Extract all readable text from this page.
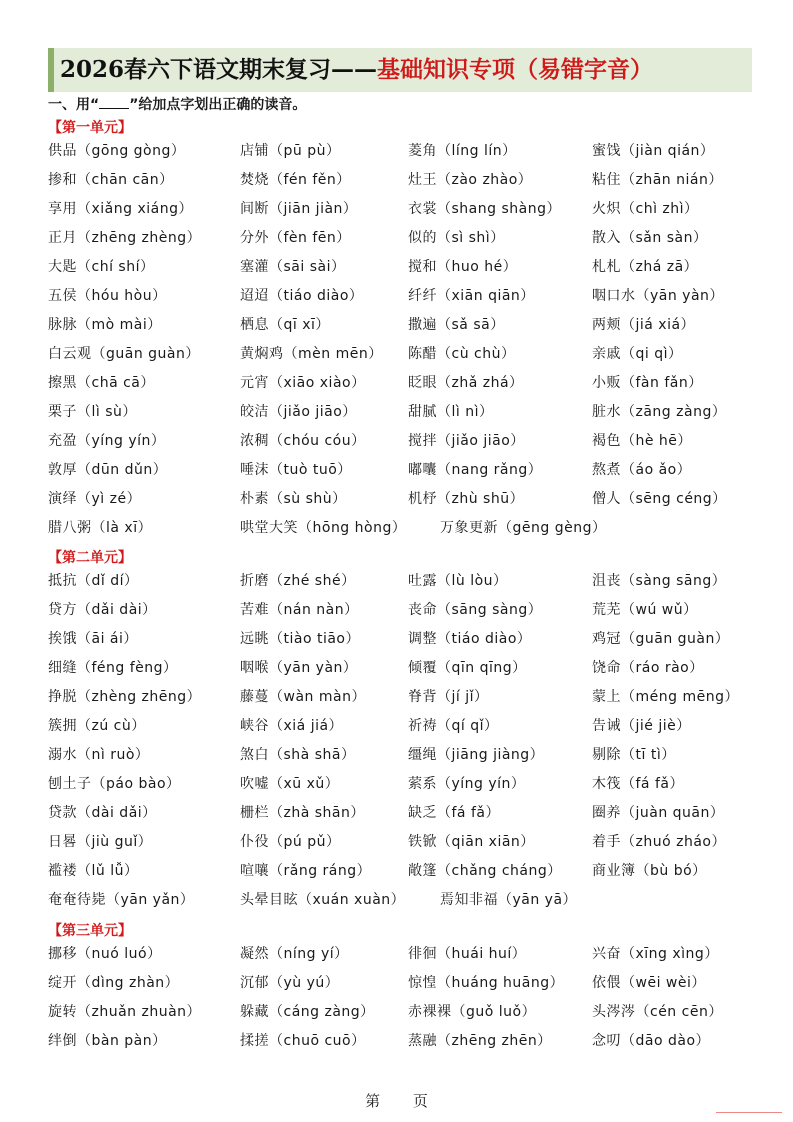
2026春六下语文期末复习——基础知识专项（易错字音）
一、用“ ”给加点字划出正确的读音。
【第一单元】
供品（gōng gòng）	店铺（pū pù）	菱角（líng lín）	蜜饯（jiàn qián）
掺和（chān cān）	焚烧（fén fěn）	灶王（zào zhào）	粘住（zhān nián）
享用（xiǎng xiáng）	间断（jiān jiàn）	衣裳（shang shàng） 火炽（chì zhì）
正月（zhēng zhèng）	分外（fèn fēn）	似的（sì shì）	散入（sǎn sàn）
大匙（chí shí）	塞灌（sāi sài）	搅和（huo hé）	札札（zhá zā）
五侯（hóu hòu）	迢迢（tiáo diào）	纤纤（xiān qiān）	咽口水（yān yàn）
脉脉（mò mài）	栖息（qī xī）	撒遍（sǎ sā）	两颊（jiá xiá）
白云观（guān guàn）	黄焖鸡（mèn mēn） 陈醋（cù chù）	亲戚（qi qì）
擦黑（chā cā）	元宵（xiāo xiào）	眨眼（zhǎ zhá）	小贩（fàn fǎn）
栗子（lì sù）	皎洁（jiǎo jiāo）	甜腻（lì nì）	脏水（zāng zàng）
充盈（yíng yín）	浓稠（chóu cóu）	搅拌（jiǎo jiāo）	褐色（hè hē）
敦厚（dūn dǔn）	唾沫（tuò tuō）	嘟囔（nang rǎng）	熬煮（áo ǎo）
演绎（yì zé）	朴素（sù shù）	机杼（zhù shū）	僧人（sēng céng）
腊八粥（là xī）	哄堂大笑（hōng hòng） 万象更新（gēng gèng）
【第二单元】
抵抗（dǐ dí）	折磨（zhé shé）	吐露（lù lòu）	沮丧（sàng sāng）
贷方（dǎi dài）	苦难（nán nàn）	丧命（sāng sàng）	荒芜（wú wǔ）
挨饿（āi ái）	远眺（tiào tiāo）	调整（tiáo diào）	鸡冠（guān guàn）
细缝（féng fèng）	咽喉（yān yàn）	倾覆（qīn qīng）	饶命（ráo rào）
挣脱（zhèng zhēng）	藤蔓（wàn màn）	脊背（jí jǐ）	蒙上（méng mēng）
簇拥（zú cù）	峡谷（xiá jiá）	祈祷（qí qǐ）	告诫（jié jiè）
溺水（nì ruò）	煞白（shà shā）	缰绳（jiāng jiàng）	剔除（tī tì）
刨土子（páo bào）	吹嘘（xū xǔ）	萦系（yíng yín）	木筏（fá fǎ）
贷款（dài dǎi）	栅栏（zhà shān）	缺乏（fá fǎ）	圈养（juàn quān）
日晷（jiù guǐ）	仆役（pú pǔ）	铁锨（qiān xiān）	着手（zhuó zháo）
褴褛（lǔ lǚ）	喧嚷（rǎng ráng）	敞篷（chǎng cháng） 商业簿（bù bó）
奄奄待毙（yān yǎn）	头晕目眩（xuán xuàn） 焉知非福（yān yā）
【第三单元】
挪移（nuó luó）	凝然（níng yí）	徘徊（huái huí）	兴奋（xīng xìng）
绽开（dìng zhàn）	沉郁（yù yú）	惊惶（huáng huāng） 依偎（wēi wèi）
旋转（zhuǎn zhuàn）	躲藏（cáng zàng） 赤裸裸（guǒ luǒ）	头涔涔（cén cēn）
绊倒（bàn pàn）	揉搓（chuō cuō）	蒸融（zhēng zhēn）	念叨（dāo dào）
第 页
